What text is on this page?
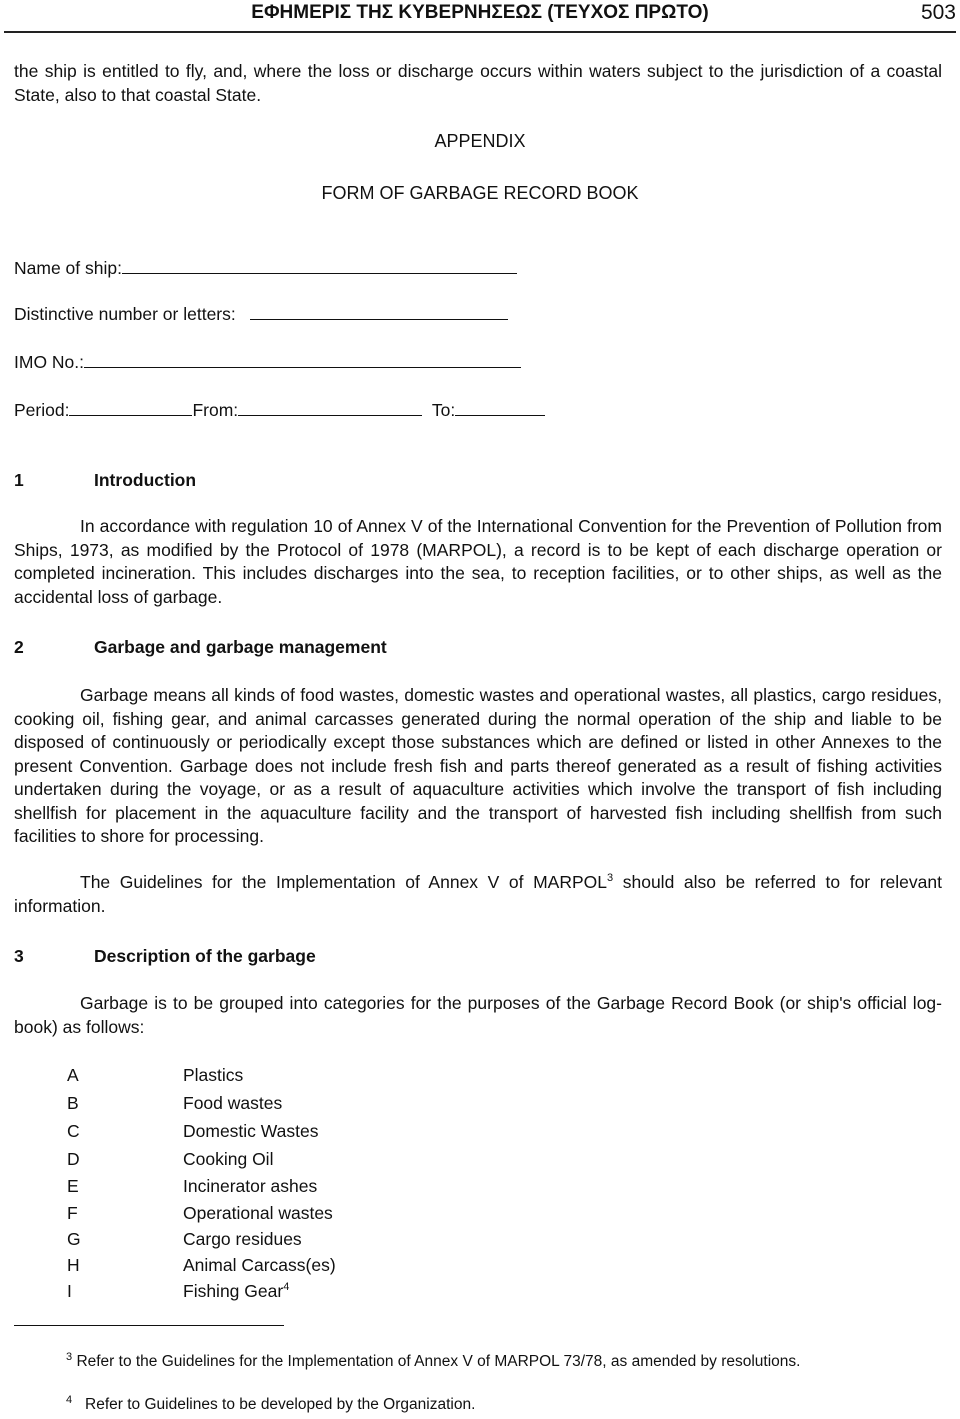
ΕΦΗΜΕΡΙΣ ΤΗΣ ΚΥΒΕΡΝΗΣΕΩΣ (ΤΕΥΧΟΣ ΠΡΩΤΟ)	503
the ship is entitled to fly, and, where the loss or discharge occurs within waters subject to the jurisdiction of a coastal State, also to that coastal State.
APPENDIX
FORM OF GARBAGE RECORD BOOK
Name of ship:
Distinctive number or letters:
IMO No.:
Period:	From:	To:
1	Introduction
In accordance with regulation 10 of Annex V of the International Convention for the Prevention of Pollution from Ships, 1973, as modified by the Protocol of 1978 (MARPOL), a record is to be kept of each discharge operation or completed incineration. This includes discharges into the sea, to reception facilities, or to other ships, as well as the accidental loss of garbage.
2	Garbage and garbage management
Garbage means all kinds of food wastes, domestic wastes and operational wastes, all plastics, cargo residues, cooking oil, fishing gear, and animal carcasses generated during the normal operation of the ship and liable to be disposed of continuously or periodically except those substances which are defined or listed in other Annexes to the present Convention. Garbage does not include fresh fish and parts thereof generated as a result of fishing activities undertaken during the voyage, or as a result of aquaculture activities which involve the transport of fish including shellfish for placement in the aquaculture facility and the transport of harvested fish including shellfish from such facilities to shore for processing.
The Guidelines for the Implementation of Annex V of MARPOL$^3$ should also be referred to for relevant information.
3	Description of the garbage
Garbage is to be grouped into categories for the purposes of the Garbage Record Book (or ship's official log-book) as follows:
A	Plastics
B	Food wastes
C	Domestic Wastes
D	Cooking Oil
E	Incinerator ashes
F	Operational wastes
G	Cargo residues
H	Animal Carcass(es)
I	Fishing Gear$^4$
$^3$ Refer to the Guidelines for the Implementation of Annex V of MARPOL 73/78, as amended by resolutions.
$^4$ Refer to Guidelines to be developed by the Organization.
